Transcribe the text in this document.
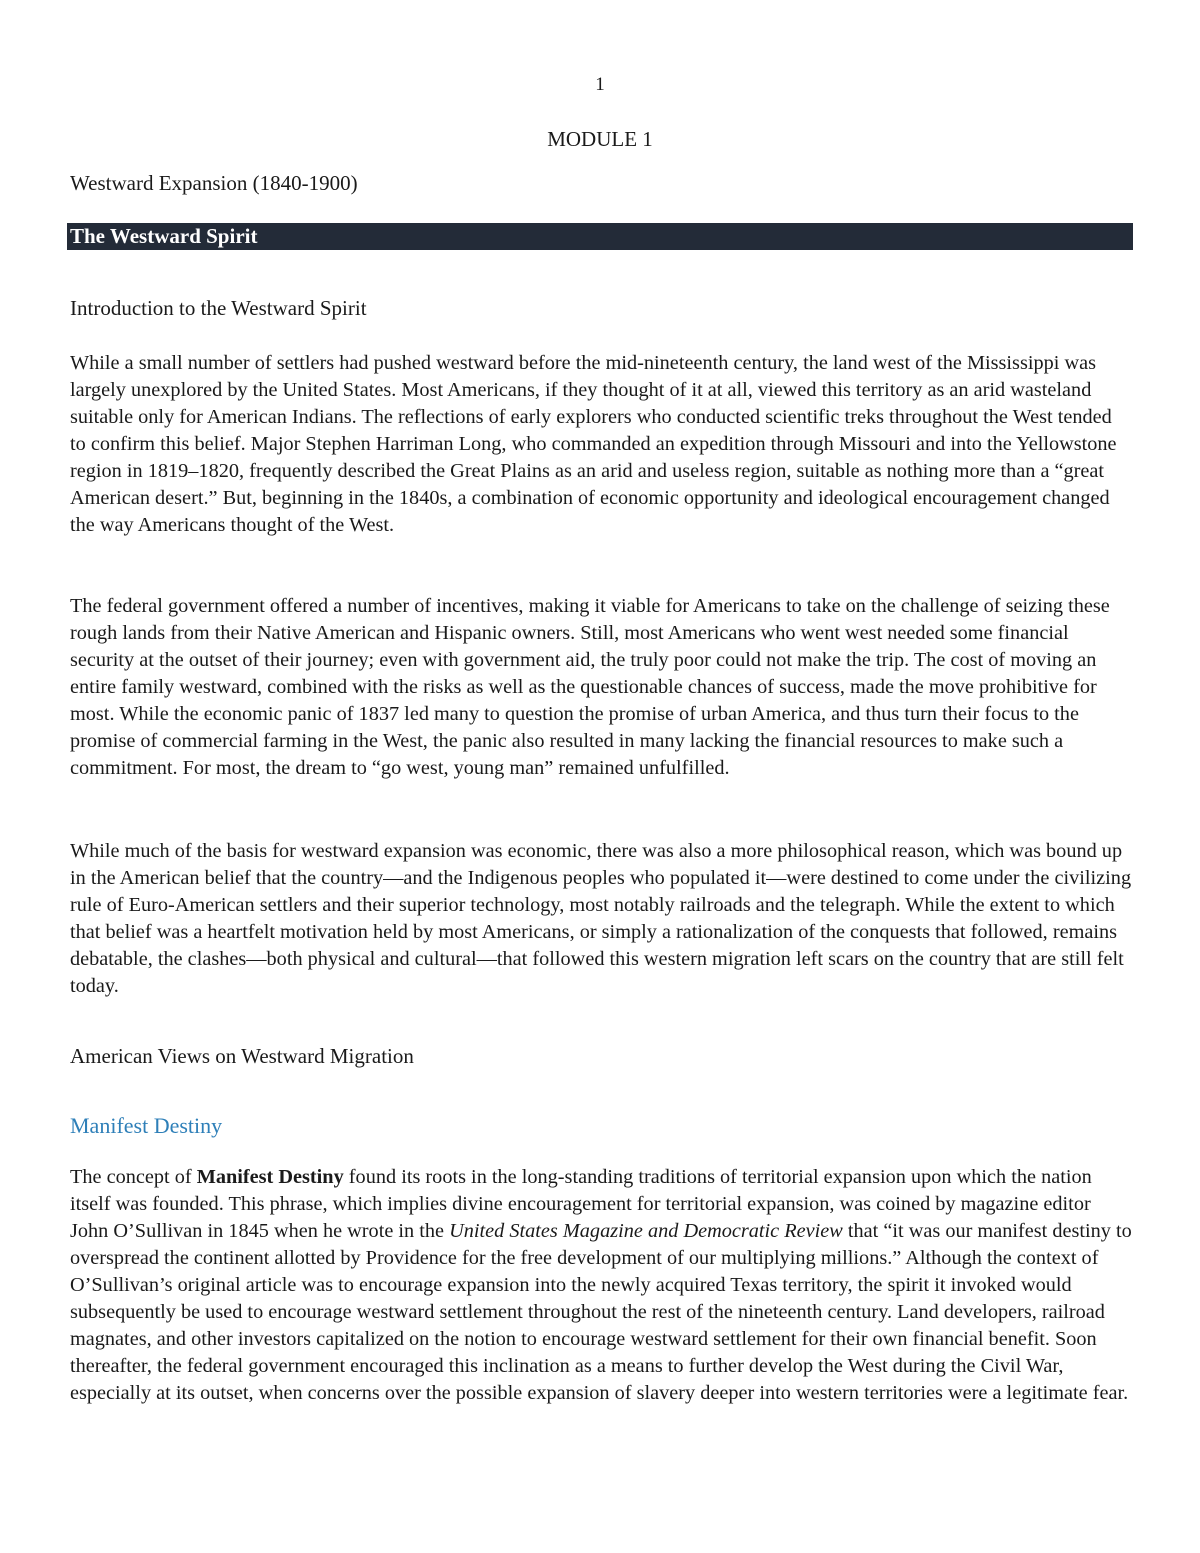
1
MODULE 1
Westward Expansion (1840-1900)
The Westward Spirit
Introduction to the Westward Spirit

While a small number of settlers had pushed westward before the mid-nineteenth century, the land west of the Mississippi was largely unexplored by the United States. Most Americans, if they thought of it at all, viewed this territory as an arid wasteland suitable only for American Indians. The reflections of early explorers who conducted scientific treks throughout the West tended to confirm this belief. Major Stephen Harriman Long, who commanded an expedition through Missouri and into the Yellowstone region in 1819–1820, frequently described the Great Plains as an arid and useless region, suitable as nothing more than a “great American desert.” But, beginning in the 1840s, a combination of economic opportunity and ideological encouragement changed the way Americans thought of the West.

The federal government offered a number of incentives, making it viable for Americans to take on the challenge of seizing these rough lands from their Native American and Hispanic owners. Still, most Americans who went west needed some financial security at the outset of their journey; even with government aid, the truly poor could not make the trip. The cost of moving an entire family westward, combined with the risks as well as the questionable chances of success, made the move prohibitive for most. While the economic panic of 1837 led many to question the promise of urban America, and thus turn their focus to the promise of commercial farming in the West, the panic also resulted in many lacking the financial resources to make such a commitment. For most, the dream to “go west, young man” remained unfulfilled.

While much of the basis for westward expansion was economic, there was also a more philosophical reason, which was bound up in the American belief that the country—and the Indigenous peoples who populated it—were destined to come under the civilizing rule of Euro-American settlers and their superior technology, most notably railroads and the telegraph. While the extent to which that belief was a heartfelt motivation held by most Americans, or simply a rationalization of the conquests that followed, remains debatable, the clashes—both physical and cultural—that followed this western migration left scars on the country that are still felt today.

American Views on Westward Migration
Manifest Destiny

The concept of Manifest Destiny found its roots in the long-standing traditions of territorial expansion upon which the nation itself was founded. This phrase, which implies divine encouragement for territorial expansion, was coined by magazine editor John O’Sullivan in 1845 when he wrote in the United States Magazine and Democratic Review that “it was our manifest destiny to overspread the continent allotted by Providence for the free development of our multiplying millions.” Although the context of O’Sullivan’s original article was to encourage expansion into the newly acquired Texas territory, the spirit it invoked would subsequently be used to encourage westward settlement throughout the rest of the nineteenth century. Land developers, railroad magnates, and other investors capitalized on the notion to encourage westward settlement for their own financial benefit. Soon thereafter, the federal government encouraged this inclination as a means to further develop the West during the Civil War, especially at its outset, when concerns over the possible expansion of slavery deeper into western territories were a legitimate fear.
